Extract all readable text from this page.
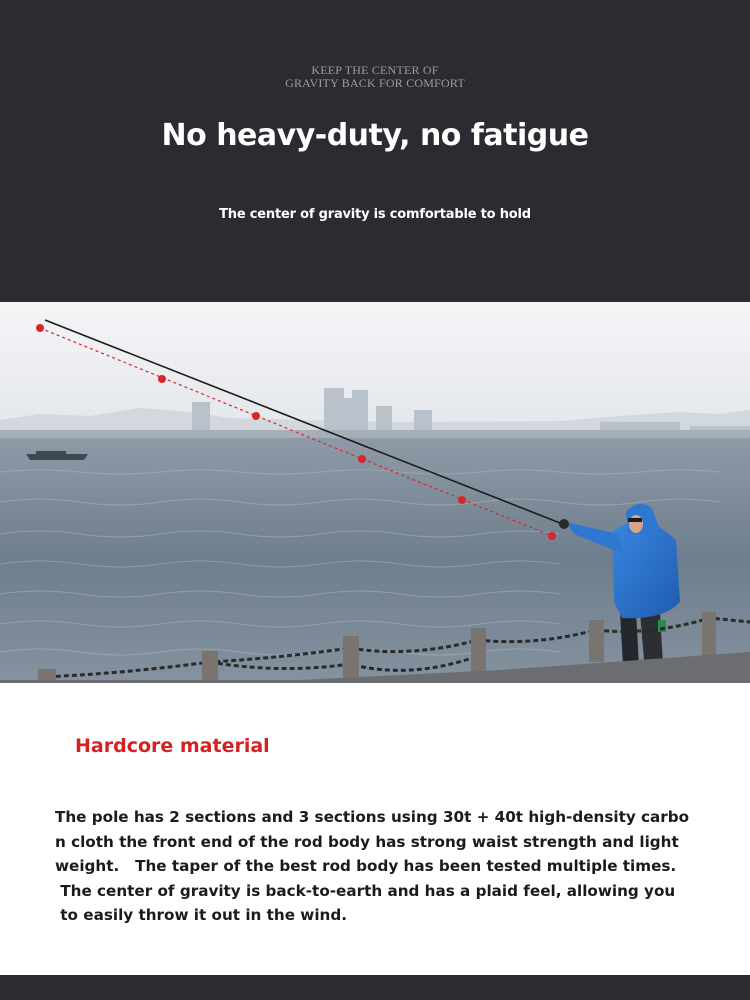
KEEP THE CENTER OF
GRAVITY BACK FOR COMFORT
No heavy-duty, no fatigue
The center of gravity is comfortable to hold
Hardcore material
The pole has 2 sections and 3 sections using 30t + 40t high-density carbo
n cloth the front end of the rod body has strong waist strength and light
weight.   The taper of the best rod body has been tested multiple times.
The center of gravity is back-to-earth and has a plaid feel, allowing you
to easily throw it out in the wind.
